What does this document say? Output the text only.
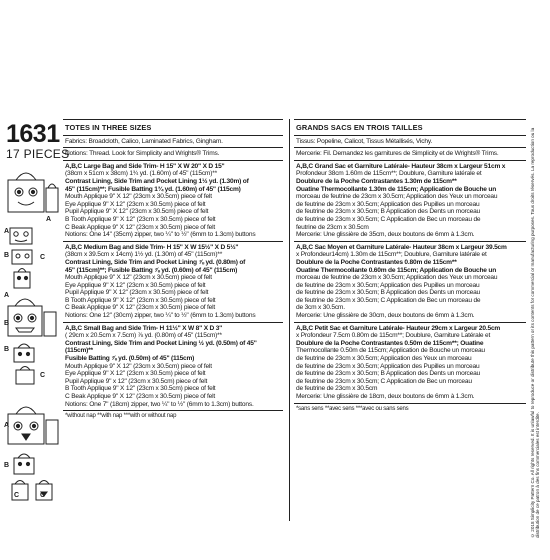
1631
17 PIECES
A
A
B	C
A
B
B
C
A
B
C	C
TOTES IN THREE SIZES

Fabrics: Broadcloth, Calico, Laminated Fabrics, Gingham.

Notions: Thread. Look for Simplicity and Wrights® Trims.

A,B,C Large Bag and Side Trim- H 15" X W 20" X D 15"

(38cm x 51cm x 38cm) 1¾ yd. (1.60m) of 45" (115cm)**

Contrast Lining, Side Trim and Pocket Lining 1½ yd. (1.30m) of

45" (115cm)**; Fusible Batting 1¾ yd. (1.60m) of 45" (115cm)

Mouth Applique 9" X 12" (23cm x 30.5cm) piece of felt

Eye Applique 9" X 12" (23cm x 30.5cm) piece of felt

Pupil Applique 9" X 12" (23cm x 30.5cm) piece of felt

B Tooth Applique 9" X 12" (23cm x 30.5cm) piece of felt

C Beak Applique 9" X 12" (23cm x 30.5cm) piece of felt

Notions: One 14" (35cm) zipper, two ¼" to ½" (6mm to 1.3cm) buttons

A,B,C Medium Bag and Side Trim- H 15" X W 15½" X D 5½"

(38cm x 39.5cm x 14cm) 1½ yd. (1.30m) of 45" (115cm)**

Contrast Lining, Side Trim and Pocket Lining ⅞ yd. (0.80m) of

45" (115cm)**; Fusible Batting ⅞ yd. (0.60m) of 45" (115cm)

Mouth Applique 9" X 12" (23cm x 30.5cm) piece of felt

Eye Applique 9" X 12" (23cm x 30.5cm) piece of felt

Pupil Applique 9" X 12" (23cm x 30.5cm) piece of felt

B Tooth Applique 9" X 12" (23cm x 30.5cm) piece of felt

C Beak Applique 9" X 12" (23cm x 30.5cm) piece of felt

Notions: One 12" (30cm) zipper, two ¼" to ½" (6mm to 1.3cm) buttons

A,B,C Small Bag and Side Trim- H 11½" X W 8" X D 3"

( 29cm x 20.5cm x 7.5cm) ⅞ yd. (0.80m) of 45" (115cm)**

Contrast Lining, Side Trim and Pocket Lining ½ yd. (0.50m) of 45"(115cm)**

Fusible Batting ⅞ yd. (0.50m) of 45" (115cm)

Mouth Applique 9" X 12" (23cm x 30.5cm) piece of felt

Eye Applique 9" X 12" (23cm x 30.5cm) piece of felt

Pupil Applique 9" x 12" (23cm x 30.5cm) piece of felt

B Tooth Applique 9" X 12" (23cm x 30.5cm) piece of felt

C Beak Applique 9" X 12" (23cm x 30.5cm) piece of felt

Notions: One 7" (18cm) zipper, two ¼" to ½" (6mm to 1.3cm) buttons.

*without nap **with nap ***with or without nap
GRANDS SACS EN TROIS TAILLES

Tissus: Popeline, Calicot, Tissus Métallisés, Vichy.

Mercerie: Fil. Demandez les garnitures de Simplicity et de Wrights® Trims.

A,B,C Grand Sac et Garniture Latérale- Hauteur 38cm x Largeur 51cm x

Profondeur 38cm 1.60m de 115cm**; Doublure, Garniture latérale et

Doublure de la Poche Contrastantes 1.30m de 115cm**

Ouatine Thermocollante 1.30m de 115cm; Application de Bouche un

morceau de feutrine de 23cm x 30.5cm; Application des Yeux un morceau

de feutrine de 23cm x 30.5cm; Application des Pupilles un morceau

de feutrine de 23cm x 30.5cm; B Application des Dents un morceau

de feutrine de 23cm x 30.5cm; C Application de Bec un morceau de

feutrine de 23cm x 30.5cm

Mercerie: Une glissière de 35cm, deux boutons de 6mm à 1.3cm.

A,B,C Sac Moyen et Garniture Latérale- Hauteur 38cm x Largeur 39.5cm

x Profondeur14cm) 1.30m de 115cm**; Doublure, Garniture latérale et

Doublure de la Poche Contrastantes 0.80m de 115cm**

Ouatine Thermocollante 0.60m de 115cm; Application de Bouche un

morceau de feutrine de 23cm x 30.5cm; Application des Yeux un morceau

de feutrine de 23cm x 30.5cm; Application des Pupilles un morceau

de feutrine de 23cm x 30.5cm; B Application des Dents un morceau

de feutrine de 23cm x 30.5cm; C Application de Bec un morceau de

de 3cm x 30.5cm.

Mercerie: Une glissière de 30cm, deux boutons de 6mm à 1.3cm.

A,B,C Petit Sac et Garniture Latérale- Hauteur 29cm x Largeur 20.5cm

x Profondeur 7.5cm 0.80m de 115cm**; Doublure, Garniture Latérale et

Doublure de la Poche Contrastantes 0.50m de 115cm**; Ouatine

Thermocollante 0.50m de 115cm; Application de Bouche un morceau

de feutrine de 23cm x 30.5cm; Application des Yeux un morceau

de feutrine de 23cm x 30.5cm; Application des Pupilles un morceau

de feutrine de 23cm x 30.5cm; B Application des Dents un morceau

de feutrine de 23cm x 30.5cm; C Application de Bec un morceau

de feutrine de 23cm x 30.5cm

Mercerie: Une glissière de 18cm, deux boutons de 6mm à 1.3cm.

*sans sens **avec sens ***avec ou sans sens	© 2018 Simplicity Pattern Co. All rights reserved. It is unlawful to reproduce or distribute this pattern or its contents for commercial or manufacturing purposes. Tous droits réservés. La reproduction ou la distribution de ce patron à des fins commerciales est interdite.
